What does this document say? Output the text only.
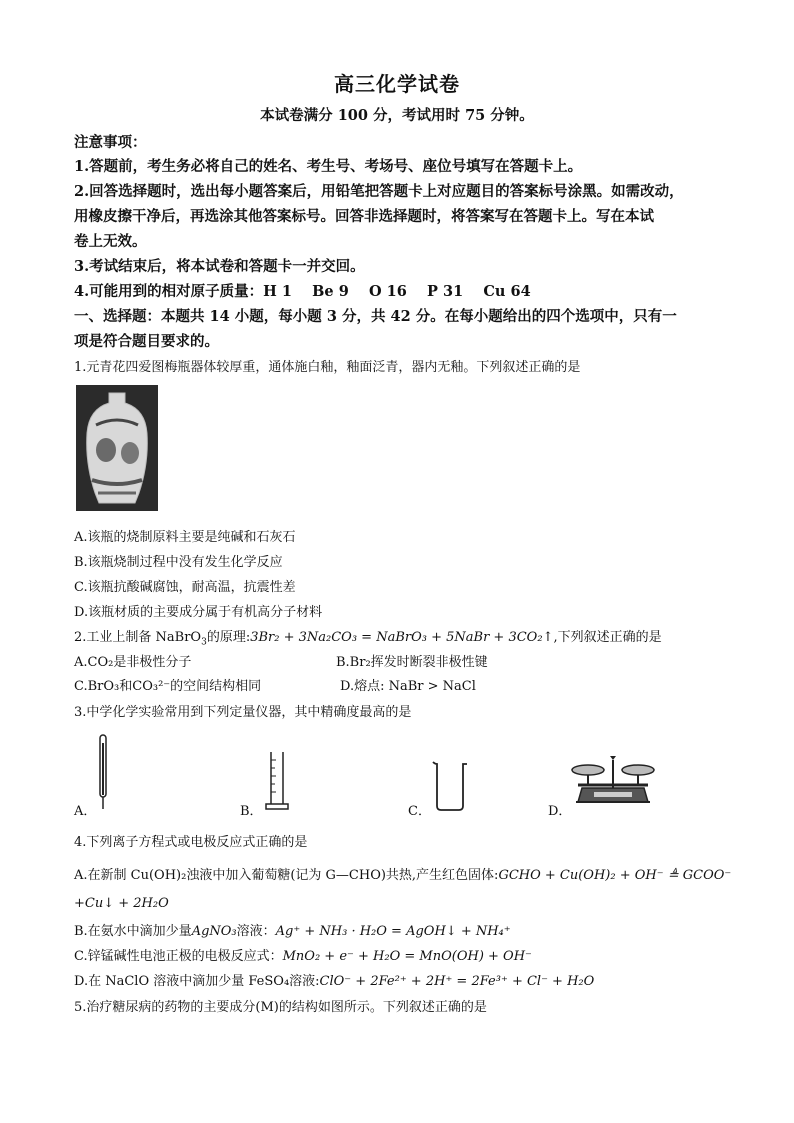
高三化学试卷
本试卷满分 100 分，考试用时 75 分钟。
注意事项：
1.答题前，考生务必将自己的姓名、考生号、考场号、座位号填写在答题卡上。
2.回答选择题时，选出每小题答案后，用铅笔把答题卡上对应题目的答案标号涂黑。如需改动，
用橡皮擦干净后，再选涂其他答案标号。回答非选择题时，将答案写在答题卡上。写在本试
卷上无效。
3.考试结束后，将本试卷和答题卡一并交回。
4.可能用到的相对原子质量：H 1    Be 9    O 16    P 31    Cu 64
一、选择题：本题共 14 小题，每小题 3 分，共 42 分。在每小题给出的四个选项中，只有一
项是符合题目要求的。
1.元青花四爱图梅瓶器体较厚重，通体施白釉，釉面泛青，器内无釉。下列叙述正确的是
A.该瓶的烧制原料主要是纯碱和石灰石
B.该瓶烧制过程中没有发生化学反应
C.该瓶抗酸碱腐蚀，耐高温，抗震性差
D.该瓶材质的主要成分属于有机高分子材料
2.工业上制备 NaBrO$_3$的原理:3Br₂ + 3Na₂CO₃ = NaBrO₃ + 5NaBr + 3CO₂↑,下列叙述正确的是
A.CO₂是非极性分子	B.Br₂挥发时断裂非极性键
C.BrO₃和CO₃²⁻的空间结构相同	D.熔点: NaBr > NaCl
3.中学化学实验常用到下列定量仪器，其中精确度最高的是
A．	B．	C．	D．
4.下列离子方程式或电极反应式正确的是
A.在新制 Cu(OH)₂浊液中加入葡萄糖(记为 G—CHO)共热,产生红色固体:GCHO + Cu(OH)₂ + OH⁻ ≜ GCOO⁻
+Cu↓ + 2H₂O
B.在氨水中滴加少量AgNO₃溶液：Ag⁺ + NH₃ · H₂O = AgOH↓ + NH₄⁺
C.锌锰碱性电池正极的电极反应式：MnO₂ + e⁻ + H₂O = MnO(OH) + OH⁻
D.在 NaClO 溶液中滴加少量 FeSO₄溶液:ClO⁻ + 2Fe²⁺ + 2H⁺ = 2Fe³⁺ + Cl⁻ + H₂O
5.治疗糖尿病的药物的主要成分(M)的结构如图所示。下列叙述正确的是
